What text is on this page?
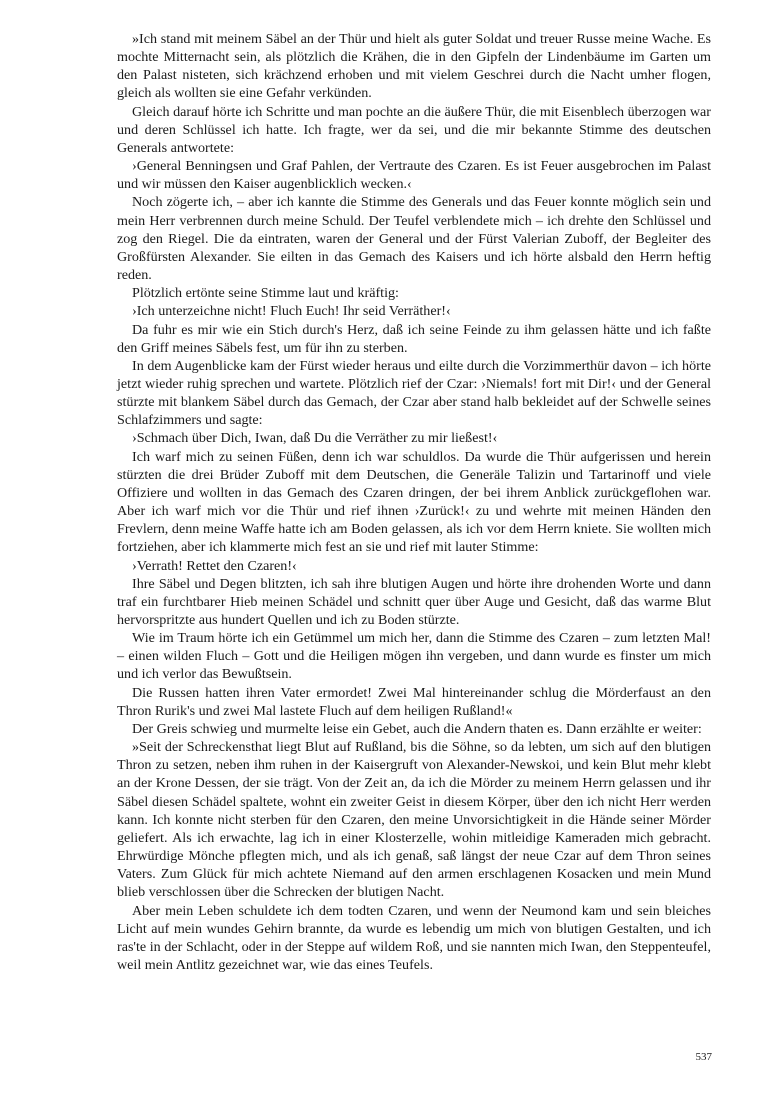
»Ich stand mit meinem Säbel an der Thür und hielt als guter Soldat und treuer Russe meine Wache. Es mochte Mitternacht sein, als plötzlich die Krähen, die in den Gipfeln der Lindenbäume im Garten um den Palast nisteten, sich krächzend erhoben und mit vielem Geschrei durch die Nacht umher flogen, gleich als wollten sie eine Gefahr verkünden.

Gleich darauf hörte ich Schritte und man pochte an die äußere Thür, die mit Eisenblech überzogen war und deren Schlüssel ich hatte. Ich fragte, wer da sei, und die mir bekannte Stimme des deutschen Generals antwortete:

›General Benningsen und Graf Pahlen, der Vertraute des Czaren. Es ist Feuer ausgebrochen im Palast und wir müssen den Kaiser augenblicklich wecken.‹

Noch zögerte ich, – aber ich kannte die Stimme des Generals und das Feuer konnte möglich sein und mein Herr verbrennen durch meine Schuld. Der Teufel verblendete mich – ich drehte den Schlüssel und zog den Riegel. Die da eintraten, waren der General und der Fürst Valerian Zuboff, der Begleiter des Großfürsten Alexander. Sie eilten in das Gemach des Kaisers und ich hörte alsbald den Herrn heftig reden.

Plötzlich ertönte seine Stimme laut und kräftig:

›Ich unterzeichne nicht! Fluch Euch! Ihr seid Verräther!‹

Da fuhr es mir wie ein Stich durch's Herz, daß ich seine Feinde zu ihm gelassen hätte und ich faßte den Griff meines Säbels fest, um für ihn zu sterben.

In dem Augenblicke kam der Fürst wieder heraus und eilte durch die Vorzimmerthür davon – ich hörte jetzt wieder ruhig sprechen und wartete. Plötzlich rief der Czar: ›Niemals! fort mit Dir!‹ und der General stürzte mit blankem Säbel durch das Gemach, der Czar aber stand halb bekleidet auf der Schwelle seines Schlafzimmers und sagte:

›Schmach über Dich, Iwan, daß Du die Verräther zu mir ließest!‹

Ich warf mich zu seinen Füßen, denn ich war schuldlos. Da wurde die Thür aufgerissen und herein stürzten die drei Brüder Zuboff mit dem Deutschen, die Generäle Talizin und Tartarinoff und viele Offiziere und wollten in das Gemach des Czaren dringen, der bei ihrem Anblick zurückgeflohen war. Aber ich warf mich vor die Thür und rief ihnen ›Zurück!‹ zu und wehrte mit meinen Händen den Frevlern, denn meine Waffe hatte ich am Boden gelassen, als ich vor dem Herrn kniete. Sie wollten mich fortziehen, aber ich klammerte mich fest an sie und rief mit lauter Stimme:

›Verrath! Rettet den Czaren!‹

Ihre Säbel und Degen blitzten, ich sah ihre blutigen Augen und hörte ihre drohenden Worte und dann traf ein furchtbarer Hieb meinen Schädel und schnitt quer über Auge und Gesicht, daß das warme Blut hervorspritzte aus hundert Quellen und ich zu Boden stürzte.

Wie im Traum hörte ich ein Getümmel um mich her, dann die Stimme des Czaren – zum letzten Mal! – einen wilden Fluch – Gott und die Heiligen mögen ihn vergeben, und dann wurde es finster um mich und ich verlor das Bewußtsein.

Die Russen hatten ihren Vater ermordet! Zwei Mal hintereinander schlug die Mörderfaust an den Thron Rurik's und zwei Mal lastete Fluch auf dem heiligen Rußland!«

Der Greis schwieg und murmelte leise ein Gebet, auch die Andern thaten es. Dann erzählte er weiter:

»Seit der Schreckensthat liegt Blut auf Rußland, bis die Söhne, so da lebten, um sich auf den blutigen Thron zu setzen, neben ihm ruhen in der Kaisergruft von Alexander-Newskoi, und kein Blut mehr klebt an der Krone Dessen, der sie trägt. Von der Zeit an, da ich die Mörder zu meinem Herrn gelassen und ihr Säbel diesen Schädel spaltete, wohnt ein zweiter Geist in diesem Körper, über den ich nicht Herr werden kann. Ich konnte nicht sterben für den Czaren, den meine Unvorsichtigkeit in die Hände seiner Mörder geliefert. Als ich erwachte, lag ich in einer Klosterzelle, wohin mitleidige Kameraden mich gebracht. Ehrwürdige Mönche pflegten mich, und als ich genaß, saß längst der neue Czar auf dem Thron seines Vaters. Zum Glück für mich achtete Niemand auf den armen erschlagenen Kosacken und mein Mund blieb verschlossen über die Schrecken der blutigen Nacht.

Aber mein Leben schuldete ich dem todten Czaren, und wenn der Neumond kam und sein bleiches Licht auf mein wundes Gehirn brannte, da wurde es lebendig um mich von blutigen Gestalten, und ich ras'te in der Schlacht, oder in der Steppe auf wildem Roß, und sie nannten mich Iwan, den Steppenteufel, weil mein Antlitz gezeichnet war, wie das eines Teufels.

537
